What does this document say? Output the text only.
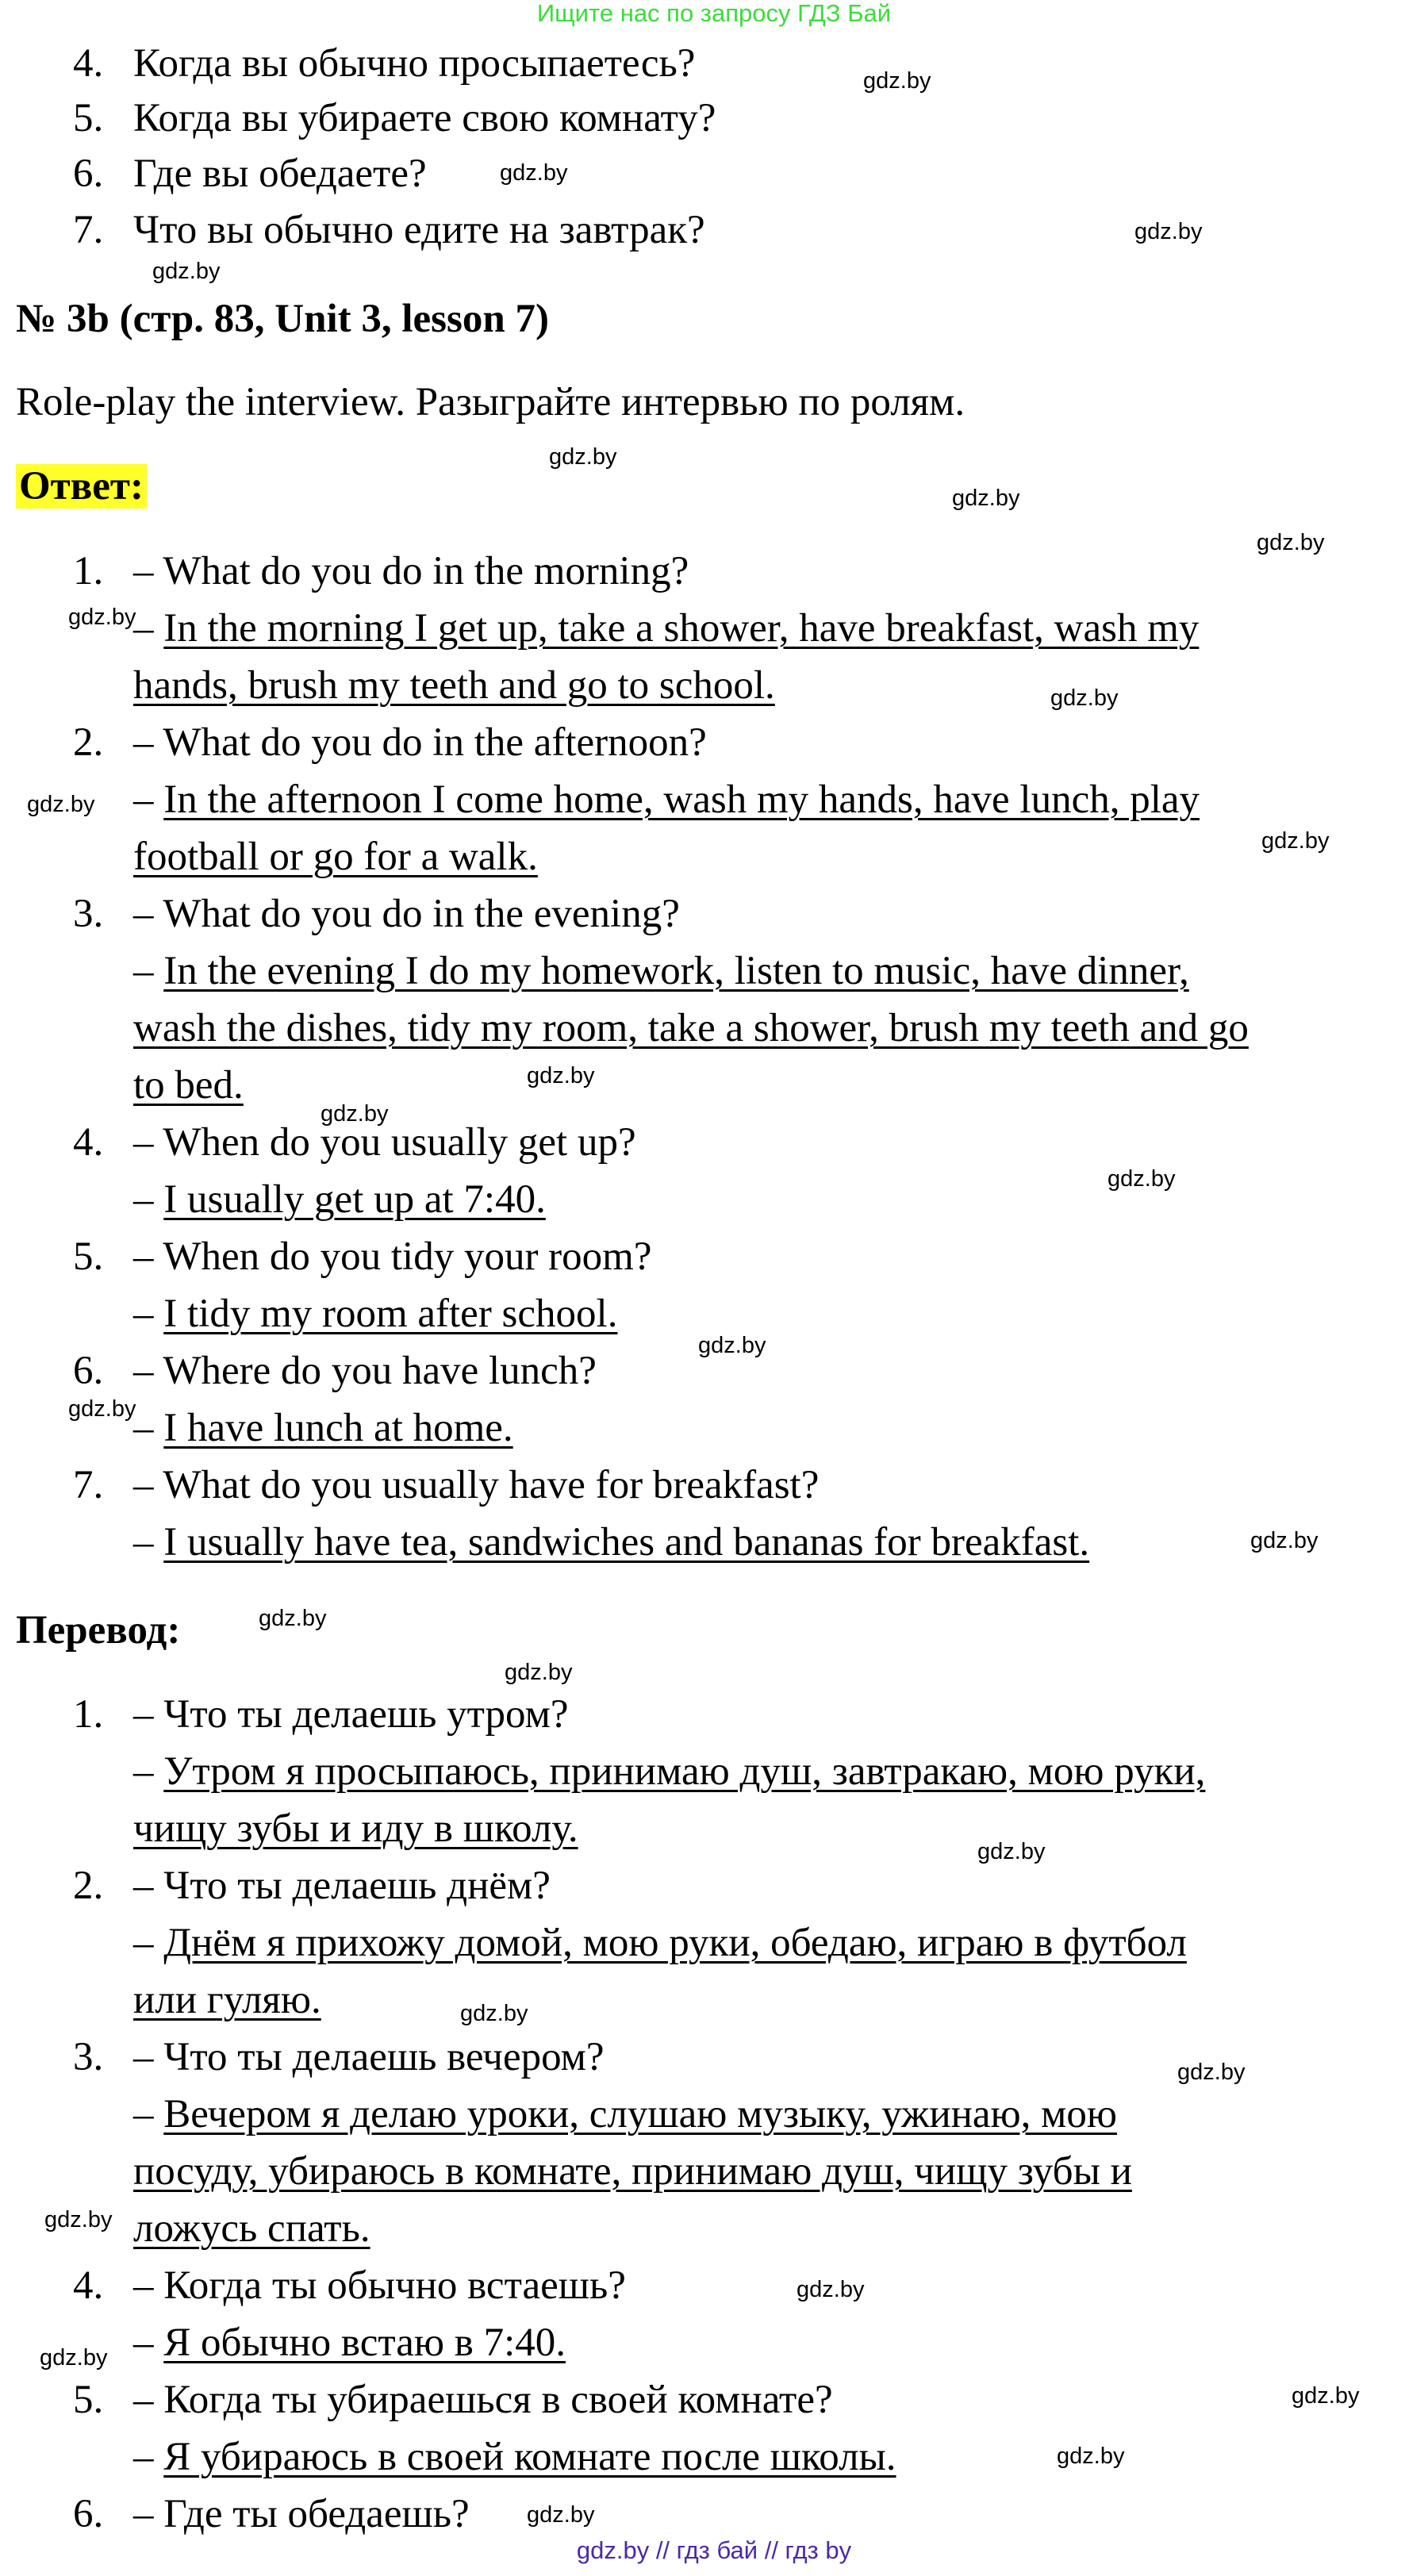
Ищите нас по запросу ГДЗ Бай
4. Когда вы обычно просыпаетесь?
5. Когда вы убираете свою комнату?
6. Где вы обедаете?
7. Что вы обычно едите на завтрак?
№ 3b (стр. 83, Unit 3, lesson 7)
Role-play the interview. Разыграйте интервью по ролям.
Ответ:
1. – What do you do in the morning?
– In the morning I get up, take a shower, have breakfast, wash my
hands, brush my teeth and go to school.
2. – What do you do in the afternoon?
– In the afternoon I come home, wash my hands, have lunch, play
football or go for a walk.
3. – What do you do in the evening?
– In the evening I do my homework, listen to music, have dinner,
wash the dishes, tidy my room, take a shower, brush my teeth and go
to bed.
4. – When do you usually get up?
– I usually get up at 7:40.
5. – When do you tidy your room?
– I tidy my room after school.
6. – Where do you have lunch?
– I have lunch at home.
7. – What do you usually have for breakfast?
– I usually have tea, sandwiches and bananas for breakfast.
Перевод:
1. – Что ты делаешь утром?
– Утром я просыпаюсь, принимаю душ, завтракаю, мою руки,
чищу зубы и иду в школу.
2. – Что ты делаешь днём?
– Днём я прихожу домой, мою руки, обедаю, играю в футбол
или гуляю.
3. – Что ты делаешь вечером?
– Вечером я делаю уроки, слушаю музыку, ужинаю, мою
посуду, убираюсь в комнате, принимаю душ, чищу зубы и
ложусь спать.
4. – Когда ты обычно встаешь?
– Я обычно встаю в 7:40.
5. – Когда ты убираешься в своей комнате?
– Я убираюсь в своей комнате после школы.
6. – Где ты обедаешь?
gdz.by
gdz.by
gdz.by
gdz.by
gdz.by
gdz.by
gdz.by
gdz.by
gdz.by
gdz.by
gdz.by
gdz.by
gdz.by
gdz.by
gdz.by
gdz.by
gdz.by
gdz.by
gdz.by
gdz.by
gdz.by
gdz.by
gdz.by
gdz.by
gdz.by
gdz.by
gdz.by
gdz.by
gdz.by // гдз бай // гдз by
